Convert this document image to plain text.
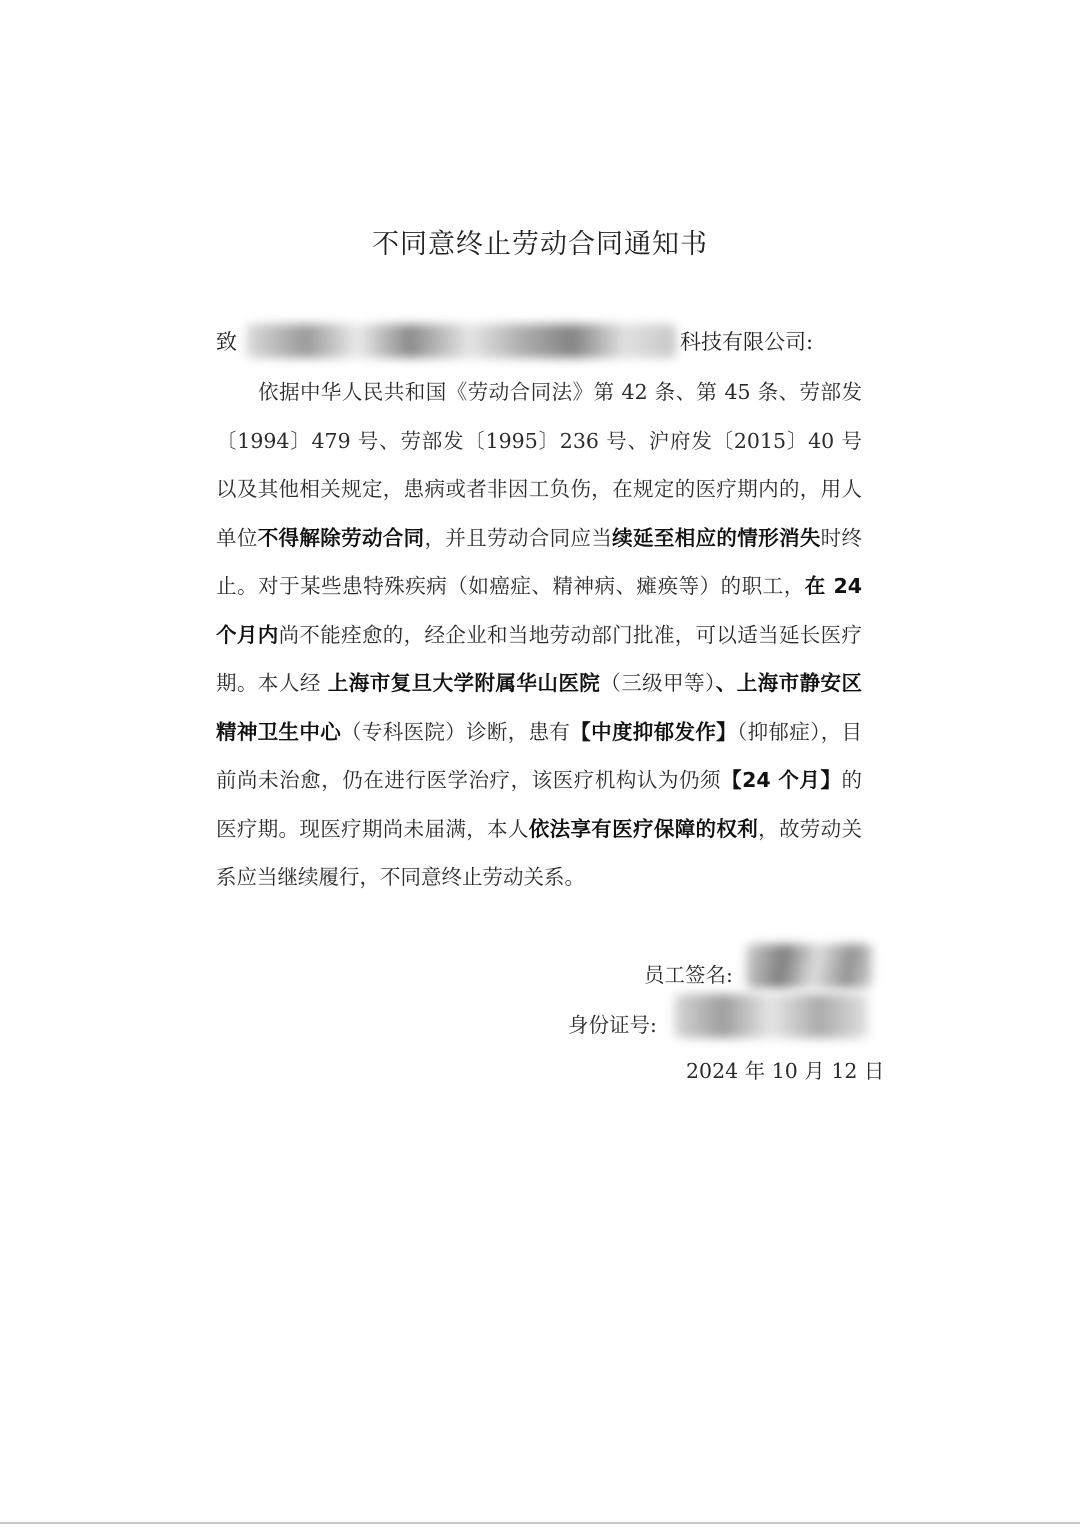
不同意终止劳动合同通知书
致	科技有限公司:

依据中华人民共和国《劳动合同法》第 42 条、第 45 条、劳部发〔1994〕479 号、劳部发〔1995〕236 号、沪府发〔2015〕40 号以及其他相关规定，患病或者非因工负伤，在规定的医疗期内的，用人单位不得解除劳动合同，并且劳动合同应当续延至相应的情形消失时终止。对于某些患特殊疾病（如癌症、精神病、瘫痪等）的职工，在 24 个月内尚不能痊愈的，经企业和当地劳动部门批准，可以适当延长医疗期。本人经 上海市复旦大学附属华山医院（三级甲等）、上海市静安区精神卫生中心（专科医院）诊断，患有【中度抑郁发作】（抑郁症），目前尚未治愈，仍在进行医学治疗，该医疗机构认为仍须【24 个月】的医疗期。现医疗期尚未届满，本人依法享有医疗保障的权利，故劳动关系应当继续履行，不同意终止劳动关系。

员工签名:
身份证号:
2024 年 10 月 12 日
